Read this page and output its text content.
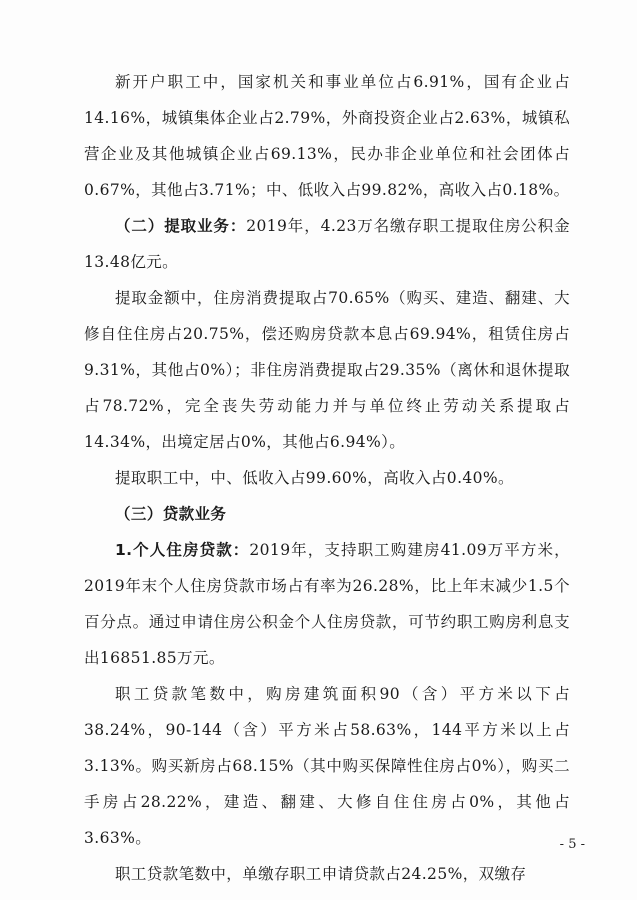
新开户职工中，国家机关和事业单位占6.91%，国有企业占14.16%，城镇集体企业占2.79%，外商投资企业占2.63%，城镇私营企业及其他城镇企业占69.13%，民办非企业单位和社会团体占0.67%，其他占3.71%；中、低收入占99.82%，高收入占0.18%。

（二）提取业务：2019年，4.23万名缴存职工提取住房公积金13.48亿元。

提取金额中，住房消费提取占70.65%（购买、建造、翻建、大修自住住房占20.75%，偿还购房贷款本息占69.94%，租赁住房占9.31%，其他占0%）；非住房消费提取占29.35%（离休和退休提取占78.72%，完全丧失劳动能力并与单位终止劳动关系提取占14.34%，出境定居占0%，其他占6.94%）。

提取职工中，中、低收入占99.60%，高收入占0.40%。

（三）贷款业务

1.个人住房贷款：2019年，支持职工购建房41.09万平方米，2019年末个人住房贷款市场占有率为26.28%，比上年末减少1.5个百分点。通过申请住房公积金个人住房贷款，可节约职工购房利息支出16851.85万元。

职工贷款笔数中，购房建筑面积90（含）平方米以下占38.24%，90-144（含）平方米占58.63%，144平方米以上占3.13%。购买新房占68.15%（其中购买保障性住房占0%），购买二手房占28.22%，建造、翻建、大修自住住房占0%，其他占3.63%。

职工贷款笔数中，单缴存职工申请贷款占24.25%，双缴存

- 5 -
